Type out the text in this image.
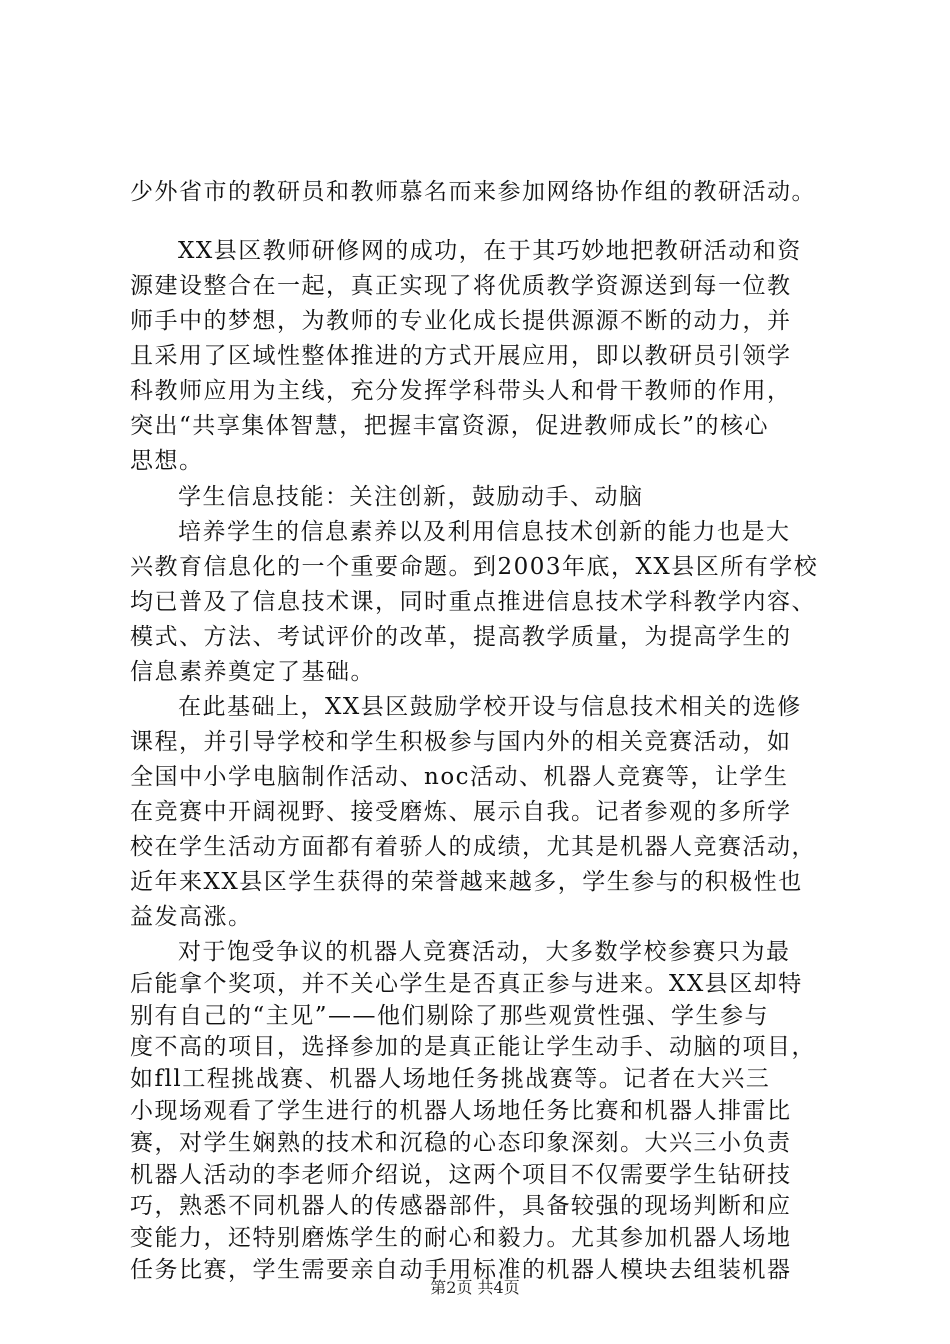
少外省市的教研员和教师慕名而来参加网络协作组的教研活动。
XX县区教师研修网的成功，在于其巧妙地把教研活动和资
源建设整合在一起，真正实现了将优质教学资源送到每一位教
师手中的梦想，为教师的专业化成长提供源源不断的动力，并
且采用了区域性整体推进的方式开展应用，即以教研员引领学
科教师应用为主线，充分发挥学科带头人和骨干教师的作用，
突出“共享集体智慧，把握丰富资源，促进教师成长”的核心
思想。
学生信息技能：关注创新，鼓励动手、动脑
培养学生的信息素养以及利用信息技术创新的能力也是大
兴教育信息化的一个重要命题。到2003年底，XX县区所有学校
均已普及了信息技术课，同时重点推进信息技术学科教学内容、
模式、方法、考试评价的改革，提高教学质量，为提高学生的
信息素养奠定了基础。
在此基础上，XX县区鼓励学校开设与信息技术相关的选修
课程，并引导学校和学生积极参与国内外的相关竞赛活动，如
全国中小学电脑制作活动、noc活动、机器人竞赛等，让学生
在竞赛中开阔视野、接受磨炼、展示自我。记者参观的多所学
校在学生活动方面都有着骄人的成绩，尤其是机器人竞赛活动，
近年来XX县区学生获得的荣誉越来越多，学生参与的积极性也
益发高涨。
对于饱受争议的机器人竞赛活动，大多数学校参赛只为最
后能拿个奖项，并不关心学生是否真正参与进来。XX县区却特
别有自己的“主见”——他们剔除了那些观赏性强、学生参与
度不高的项目，选择参加的是真正能让学生动手、动脑的项目，
如fll工程挑战赛、机器人场地任务挑战赛等。记者在大兴三
小现场观看了学生进行的机器人场地任务比赛和机器人排雷比
赛，对学生娴熟的技术和沉稳的心态印象深刻。大兴三小负责
机器人活动的李老师介绍说，这两个项目不仅需要学生钻研技
巧，熟悉不同机器人的传感器部件，具备较强的现场判断和应
第2页 共4页
变能力，还特别磨炼学生的耐心和毅力。尤其参加机器人场地
任务比赛，学生需要亲自动手用标准的机器人模块去组装机器
